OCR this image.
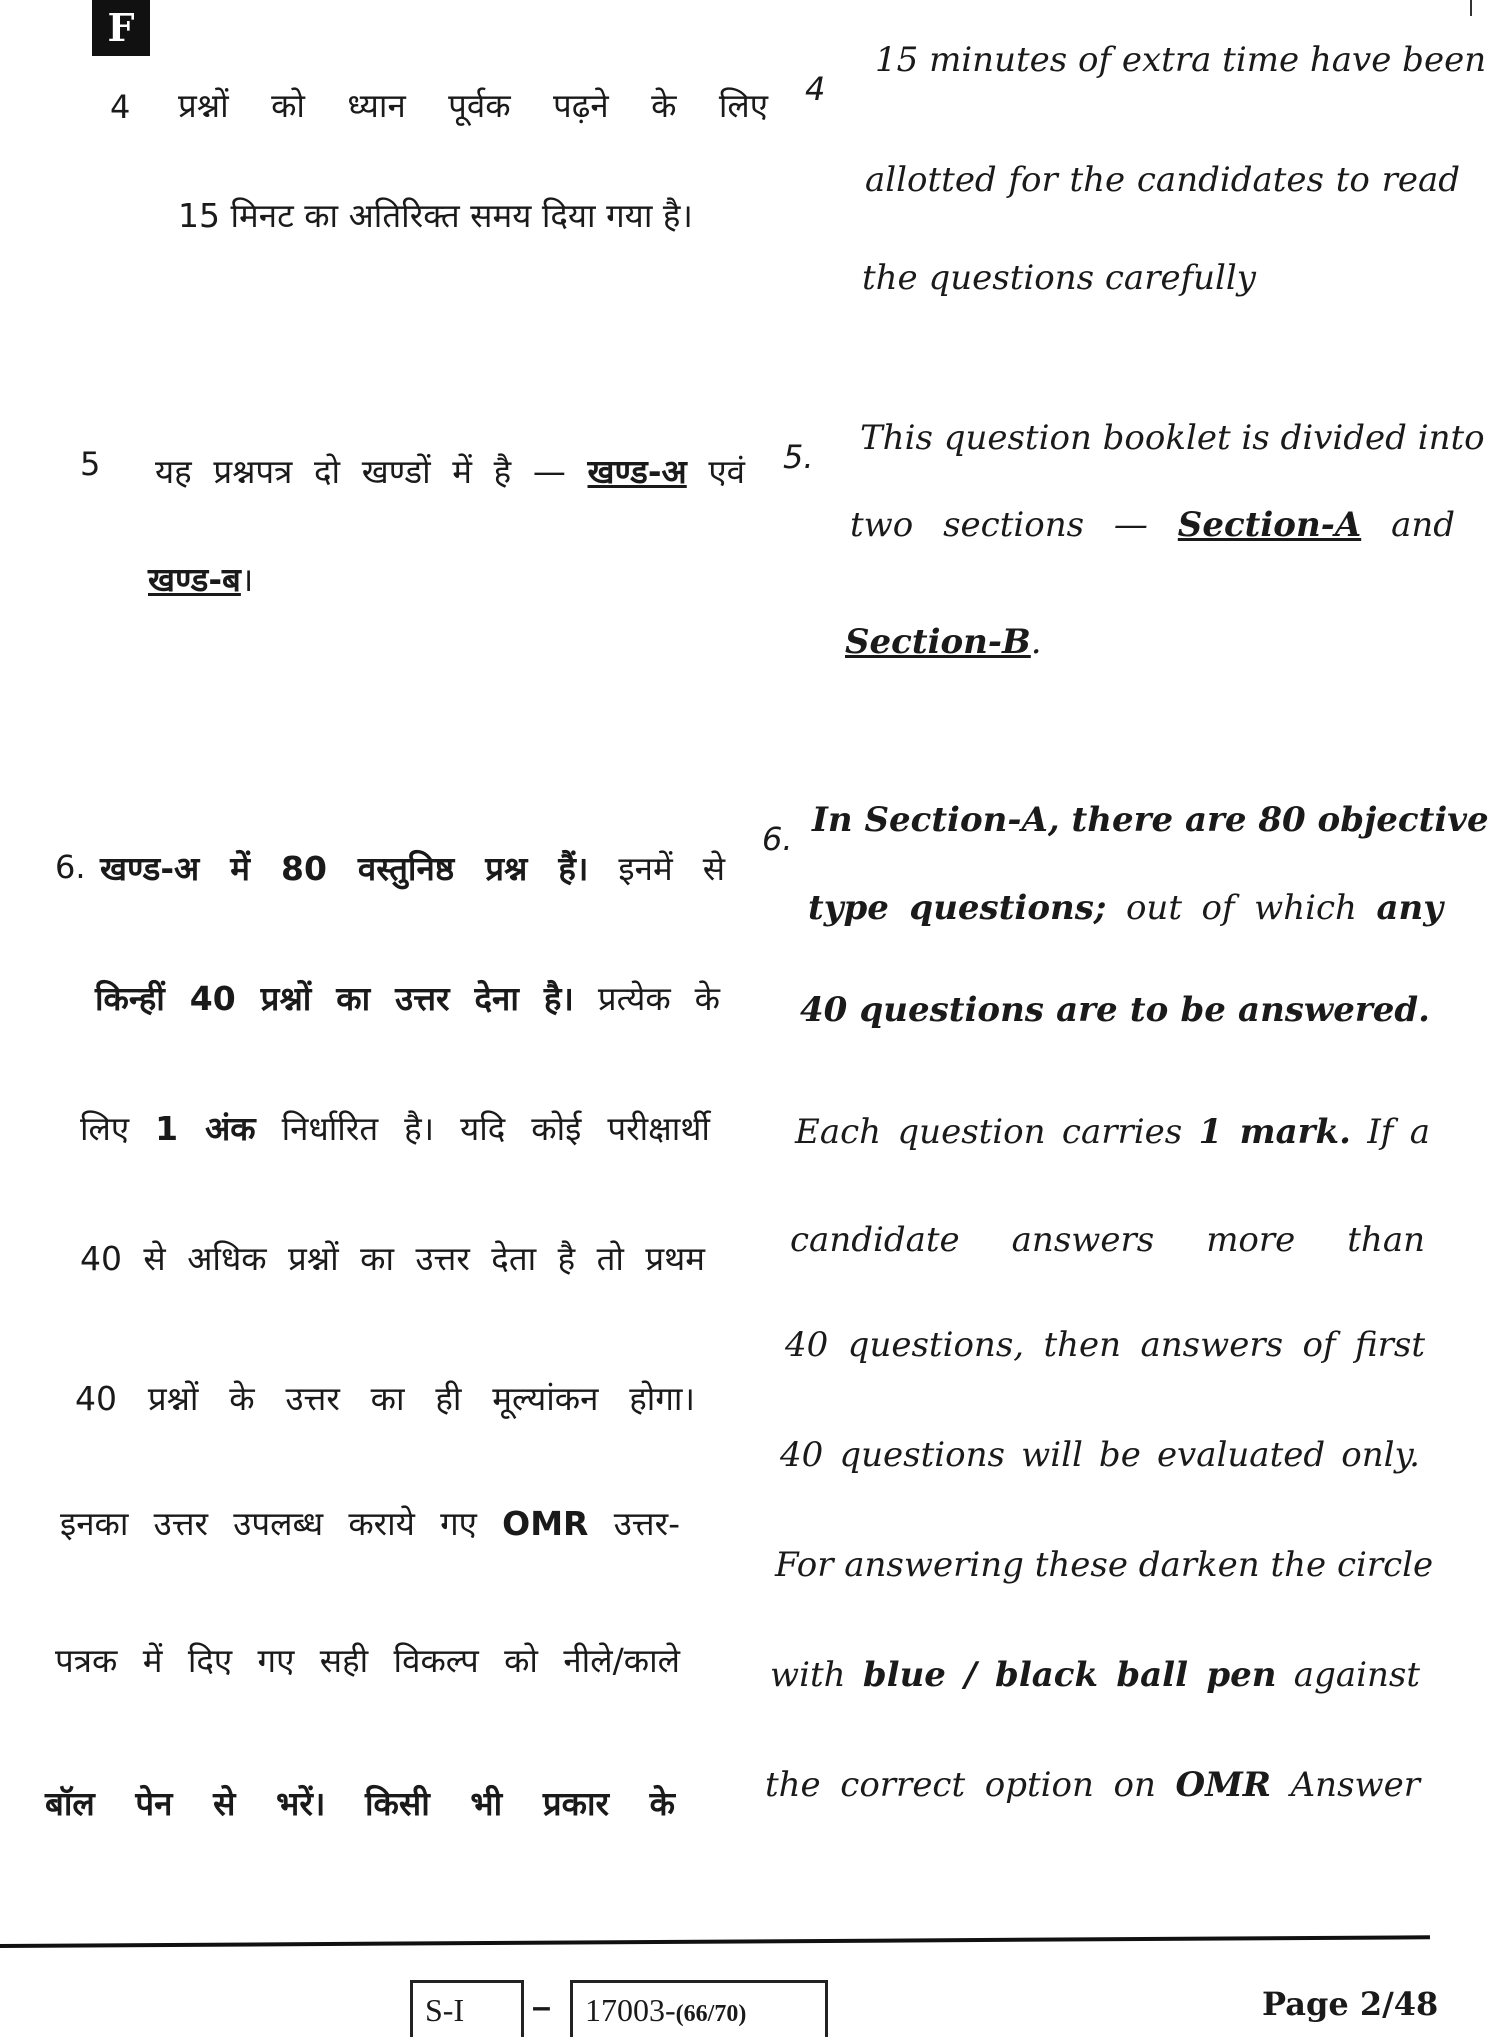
F
4	4
प्रश्नों को ध्यान पूर्वक पढ़ने के लिए
15 मिनट का अतिरिक्त समय दिया गया है।
15 minutes of extra time have been
allotted for the candidates to read
the questions carefully
5	5.
यह प्रश्नपत्र दो खण्डों में है — खण्ड-अ एवं
खण्ड-ब।
This question booklet is divided into
two sections — Section-A and
Section-B.
6.
6.
खण्ड-अ में 80 वस्तुनिष्ठ प्रश्न हैं। इनमें से
किन्हीं 40 प्रश्नों का उत्तर देना है। प्रत्येक के
लिए 1 अंक निर्धारित है। यदि कोई परीक्षार्थी
40 से अधिक प्रश्नों का उत्तर देता है तो प्रथम
40 प्रश्नों के उत्तर का ही मूल्यांकन होगा।
इनका उत्तर उपलब्ध कराये गए OMR उत्तर-
पत्रक में दिए गए सही विकल्प को नीले/काले
बॉल पेन से भरें। किसी भी प्रकार के
In Section-A, there are 80 objective
type questions; out of which any
40 questions are to be answered.
Each question carries 1 mark. If a
candidate answers more than
40 questions, then answers of first
40 questions will be evaluated only.
For answering these darken the circle
with blue / black ball pen against
the correct option on OMR Answer
S-I	–	17003-(66/70)	Page 2/48
